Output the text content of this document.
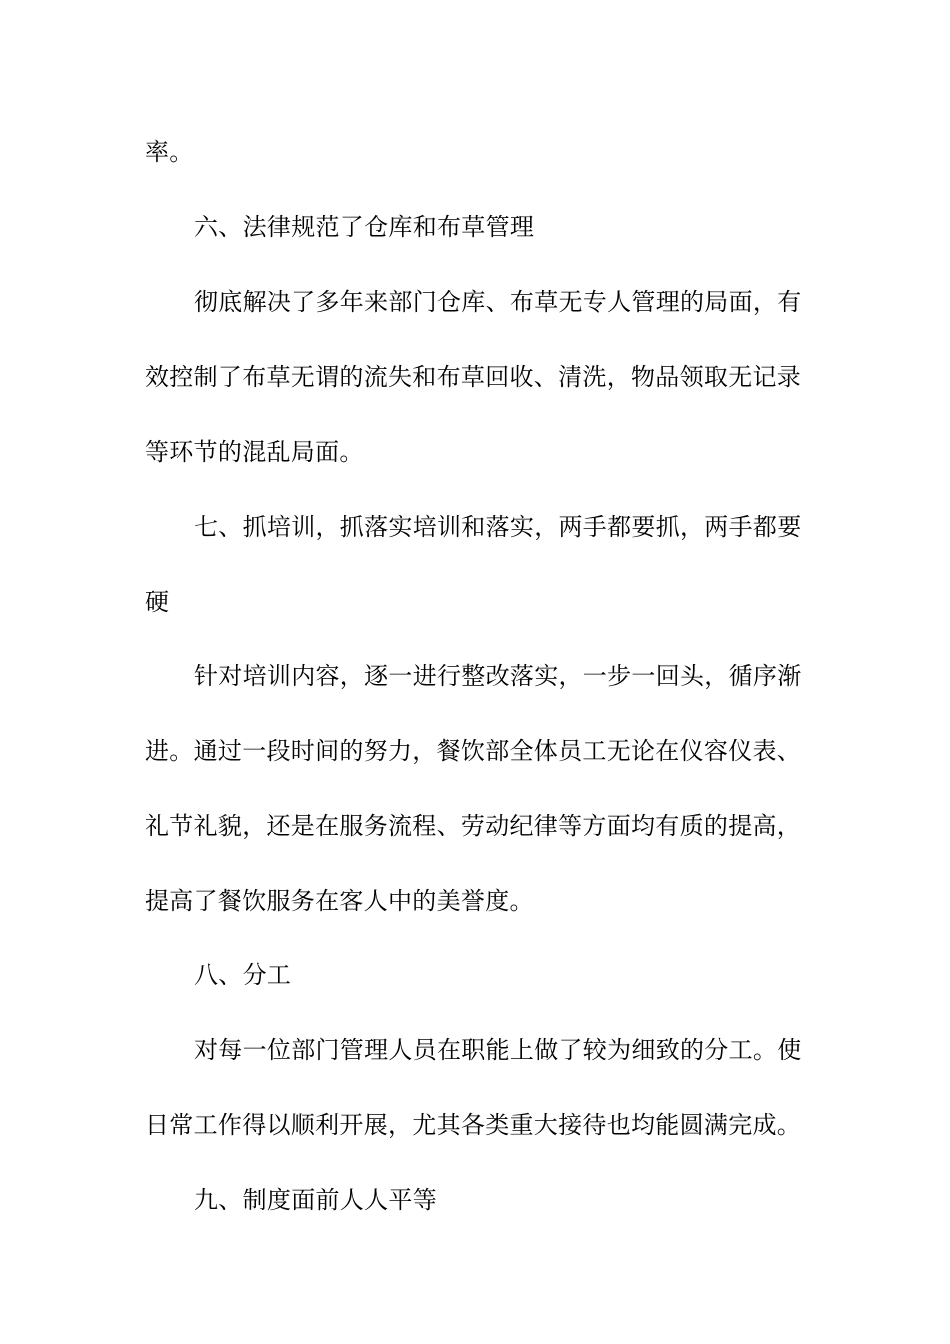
率。

六、法律规范了仓库和布草管理

彻底解决了多年来部门仓库、布草无专人管理的局面，有

效控制了布草无谓的流失和布草回收、清洗，物品领取无记录

等环节的混乱局面。

七、抓培训，抓落实培训和落实，两手都要抓，两手都要

硬

针对培训内容，逐一进行整改落实，一步一回头，循序渐

进。通过一段时间的努力，餐饮部全体员工无论在仪容仪表、

礼节礼貌，还是在服务流程、劳动纪律等方面均有质的提高，

提高了餐饮服务在客人中的美誉度。

八、分工

对每一位部门管理人员在职能上做了较为细致的分工。使

日常工作得以顺利开展，尤其各类重大接待也均能圆满完成。

九、制度面前人人平等
